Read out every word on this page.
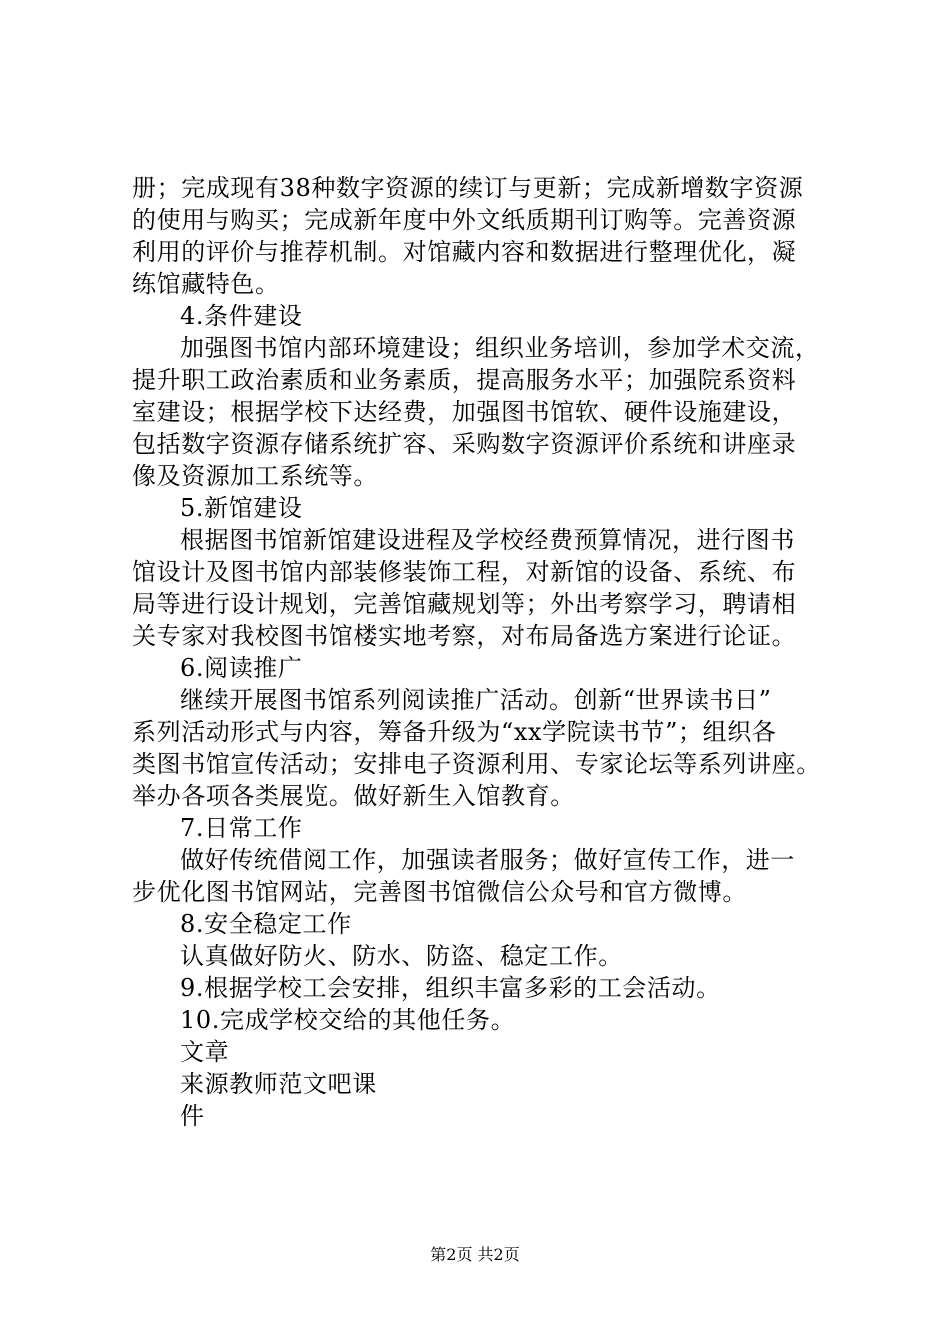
册；完成现有38种数字资源的续订与更新；完成新增数字资源
的使用与购买；完成新年度中外文纸质期刊订购等。完善资源
利用的评价与推荐机制。对馆藏内容和数据进行整理优化，凝
练馆藏特色。
4.条件建设
加强图书馆内部环境建设；组织业务培训，参加学术交流，
提升职工政治素质和业务素质，提高服务水平；加强院系资料
室建设；根据学校下达经费，加强图书馆软、硬件设施建设，
包括数字资源存储系统扩容、采购数字资源评价系统和讲座录
像及资源加工系统等。
5.新馆建设
根据图书馆新馆建设进程及学校经费预算情况，进行图书
馆设计及图书馆内部装修装饰工程，对新馆的设备、系统、布
局等进行设计规划，完善馆藏规划等；外出考察学习，聘请相
关专家对我校图书馆楼实地考察，对布局备选方案进行论证。
6.阅读推广
继续开展图书馆系列阅读推广活动。创新“世界读书日”
系列活动形式与内容，筹备升级为“xx学院读书节”；组织各
类图书馆宣传活动；安排电子资源利用、专家论坛等系列讲座。
举办各项各类展览。做好新生入馆教育。
7.日常工作
做好传统借阅工作，加强读者服务；做好宣传工作，进一
步优化图书馆网站，完善图书馆微信公众号和官方微博。
8.安全稳定工作
认真做好防火、防水、防盗、稳定工作。
9.根据学校工会安排，组织丰富多彩的工会活动。
10.完成学校交给的其他任务。
文章
来源教师范文吧课
件
第2页 共2页
